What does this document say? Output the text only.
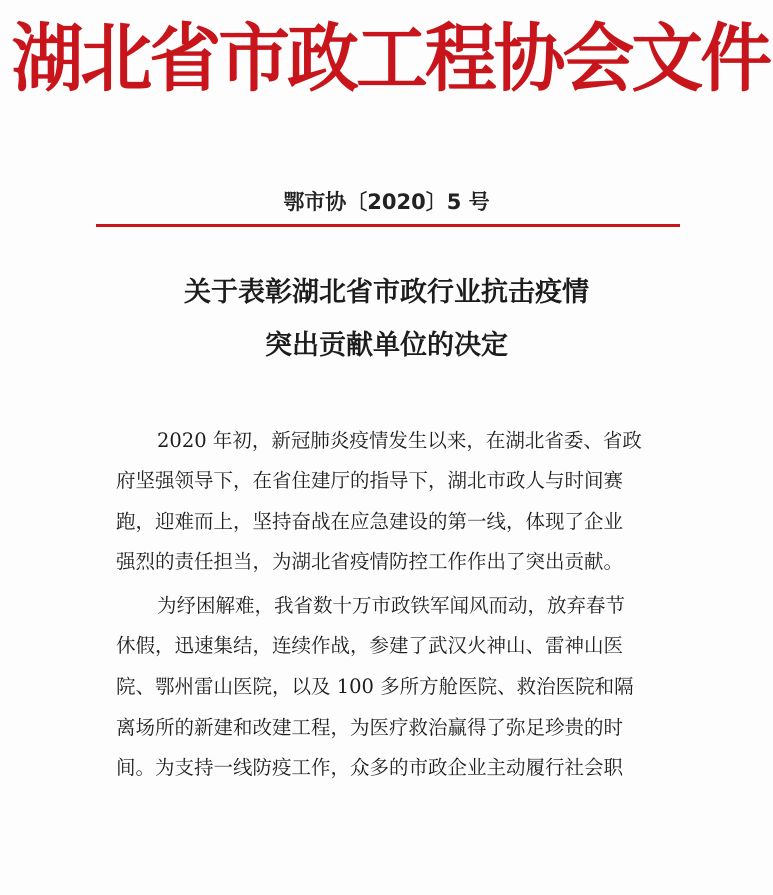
湖北省市政工程协会文件
鄂市协〔2020〕5 号
关于表彰湖北省市政行业抗击疫情
突出贡献单位的决定
2020 年初，新冠肺炎疫情发生以来，在湖北省委、省政
府坚强领导下，在省住建厅的指导下，湖北市政人与时间赛
跑，迎难而上，坚持奋战在应急建设的第一线，体现了企业
强烈的责任担当，为湖北省疫情防控工作作出了突出贡献。
为纾困解难，我省数十万市政铁军闻风而动，放弃春节
休假，迅速集结，连续作战，参建了武汉火神山、雷神山医
院、鄂州雷山医院，以及 100 多所方舱医院、救治医院和隔
离场所的新建和改建工程，为医疗救治赢得了弥足珍贵的时
间。为支持一线防疫工作，众多的市政企业主动履行社会职
